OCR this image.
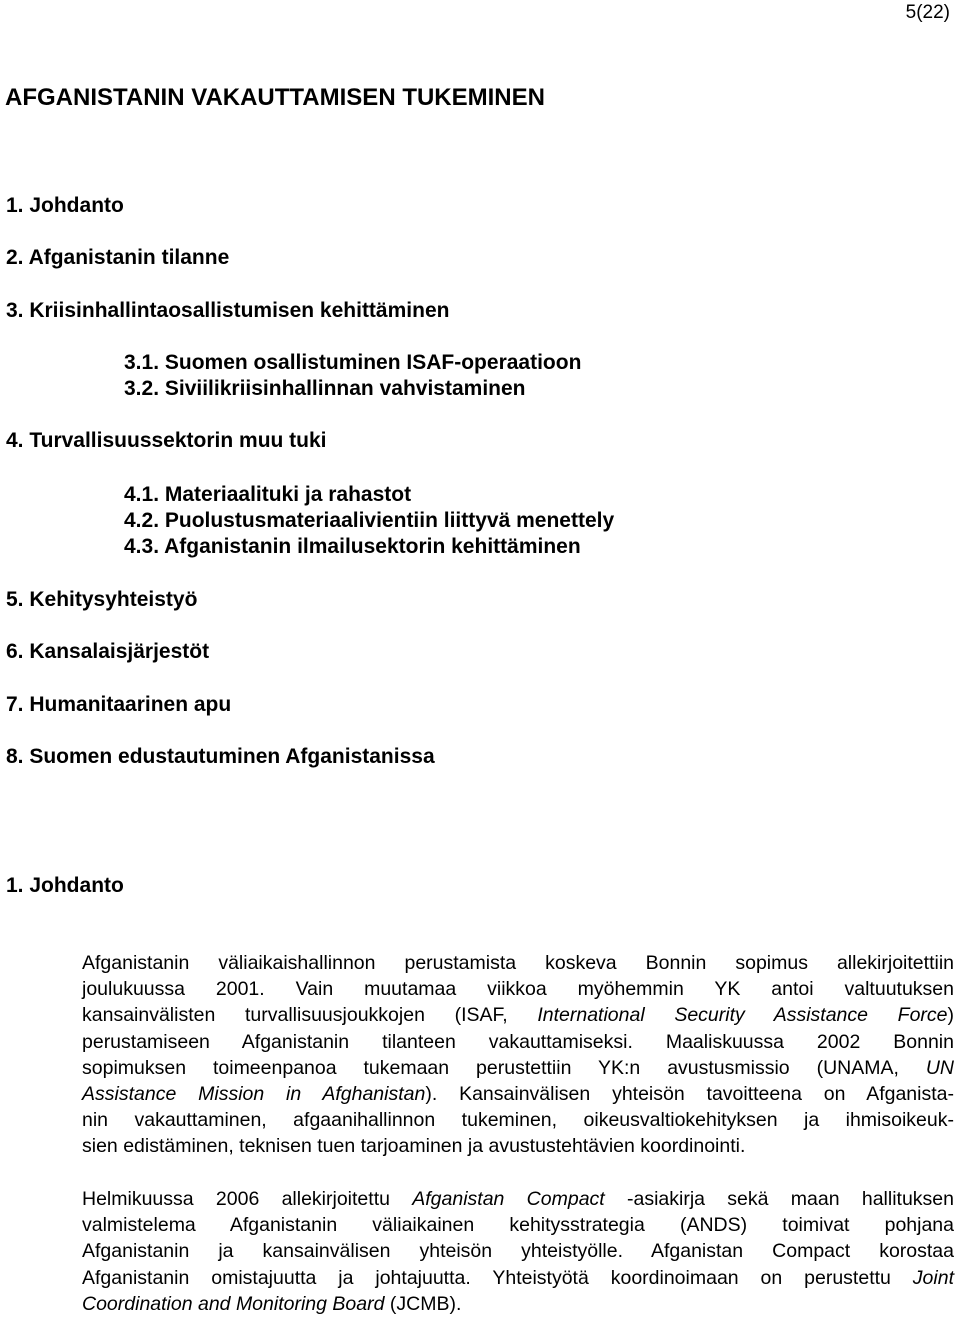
5(22)
AFGANISTANIN VAKAUTTAMISEN TUKEMINEN
1. Johdanto
2. Afganistanin tilanne
3. Kriisinhallintaosallistumisen kehittäminen
3.1. Suomen osallistuminen ISAF-operaatioon
3.2. Siviilikriisinhallinnan vahvistaminen
4. Turvallisuussektorin muu tuki
4.1. Materiaalituki ja rahastot
4.2. Puolustusmateriaalivientiin liittyvä menettely
4.3. Afganistanin ilmailusektorin kehittäminen
5. Kehitysyhteistyö
6. Kansalaisjärjestöt
7. Humanitaarinen apu
8. Suomen edustautuminen Afganistanissa
1. Johdanto

Afganistanin väliaikaishallinnon perustamista koskeva Bonnin sopimus allekirjoitettiin
joulukuussa 2001. Vain muutamaa viikkoa myöhemmin YK antoi valtuutuksen
kansainvälisten turvallisuusjoukkojen (ISAF, International Security Assistance Force)
perustamiseen Afganistanin tilanteen vakauttamiseksi. Maaliskuussa 2002 Bonnin
sopimuksen toimeenpanoa tukemaan perustettiin YK:n avustusmissio (UNAMA, UN
Assistance Mission in Afghanistan). Kansainvälisen yhteisön tavoitteena on Afganista-
nin vakauttaminen, afgaanihallinnon tukeminen, oikeusvaltiokehityksen ja ihmisoikeuk-
sien edistäminen, teknisen tuen tarjoaminen ja avustustehtävien koordinointi.

Helmikuussa 2006 allekirjoitettu Afganistan Compact -asiakirja sekä maan hallituksen
valmistelema Afganistanin väliaikainen kehitysstrategia (ANDS) toimivat pohjana
Afganistanin ja kansainvälisen yhteisön yhteistyölle. Afganistan Compact korostaa
Afganistanin omistajuutta ja johtajuutta. Yhteistyötä koordinoimaan on perustettu Joint
Coordination and Monitoring Board (JCMB).
